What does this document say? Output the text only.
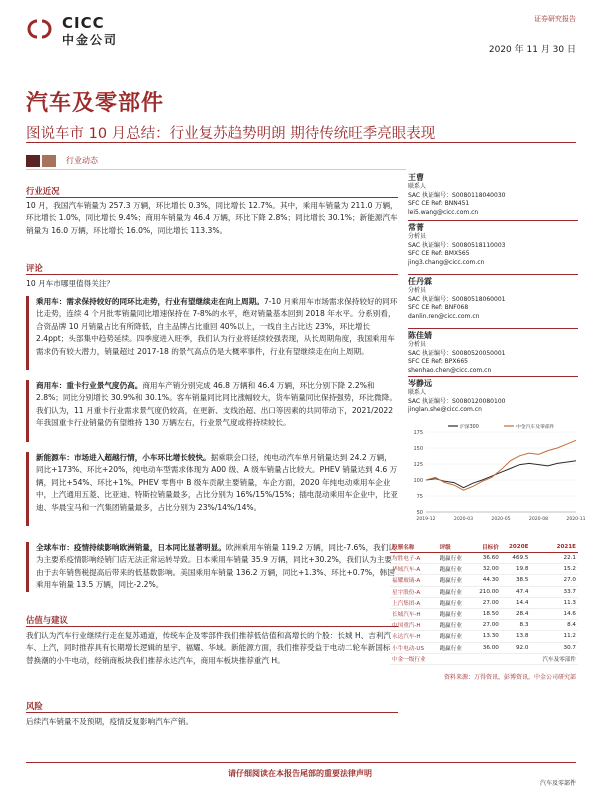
CICC
中金公司
证券研究报告
2020 年 11 月 30 日
汽车及零部件
图说车市 10 月总结：行业复苏趋势明朗 期待传统旺季亮眼表现
行业动态
行业近况
10 月，我国汽车销量为 257.3 万辆，环比增长 0.3%，同比增长 12.7%。其中，乘用车销量为 211.0 万辆，环比增长 1.0%，同比增长 9.4%；商用车销量为 46.4 万辆，环比下降 2.8%；同比增长 30.1%；新能源汽车销量为 16.0 万辆，环比增长 16.0%，同比增长 113.3%。
评论
10 月车市哪里值得关注？
乘用车：需求保持较好的同环比走势，行业有望继续走在向上周期。7-10 月乘用车市场需求保持较好的同环比走势，连续 4 个月批零销量同比增速保持在 7-8%的水平，绝对销量基本回到 2018 年水平。分系别看，合资品牌 10 月销量占比有所降低，自主品牌占比重回 40%以上，一线自主占比达 23%，环比增长 2.4ppt；头部集中趋势延续。四季度进入旺季，我们认为行业将延续较强表现，从长周期角度，我国乘用车需求仍有较大潜力，销量超过 2017-18 的景气高点仍是大概率事件，行业有望继续走在向上周期。
商用车：重卡行业景气度仍高。商用车产销分别完成 46.8 万辆和 46.4 万辆，环比分别下降 2.2%和 2.8%；同比分别增长 30.9%和 30.1%。客车销量同比同比涨幅较大，货车销量同比保持强势，环比微降。我们认为，11 月重卡行业需求景气度仍较高，在更新、支线治超、出口等因素的共同带动下，2021/2022 年我国重卡行业销量仍有望维持 130 万辆左右，行业景气度或将持续较长。
新能源车：市场进入超越行情，小车环比增长较快。据乘联会口径，纯电动汽车单月销量达到 24.2 万辆，同比+173%、环比+20%，纯电动车型需求体现为 A00 级、A 级车销量占比较大。PHEV 销量达到 4.6 万辆，同比+54%、环比+1%。PHEV 零售中 B 级车贡献主要销量，车企方面，2020 年纯电动乘用车企业中，上汽通用五菱、比亚迪、特斯拉销量最多，占比分别为 16%/15%/15%；插电混动乘用车企业中，比亚迪、华晨宝马和一汽集团销量最多，占比分别为 23%/14%/14%。
全球车市：疫情持续影响欧洲销量，日本同比显著明显。欧洲乘用车销量 119.2 万辆，同比-7.6%，我们认为主要系疫情影响经销门店无法正常运转导致。日本乘用车销量 35.9 万辆，同比+30.2%，我们认为主要由于去年销售税提高后带来的低基数影响。美国乘用车销量 136.2 万辆，同比+1.3%、环比+0.7%，韩国乘用车销量 13.5 万辆，同比-2.2%。
估值与建议
我们认为汽车行业继续行走在复苏通道，传统车企及零部件我们推荐低估值和高增长的个股：长城 H、吉利汽车、上汽，同时推荐具有长期增长逻辑的星宇、福耀、华域。新能源方面，我们推荐受益于电动二轮车新国标替换潮的小牛电动，经销商板块我们推荐永达汽车，商用车板块推荐重汽 H。
风险
后续汽车销量不及预期，疫情反复影响汽车产销。
王曹
联系人
SAC 执证编号：S0080118040030
SFC CE Ref: BNN451
lei5.wang@cicc.com.cn
常菁
分析员
SAC 执证编号：S0080518110003
SFC CE Ref: BMX565
jing3.chang@cicc.com.cn
任丹霖
分析员
SAC 执证编号：S0080518060001
SFC CE Ref: BNF068
danlin.ren@cicc.com.cn
陈佳婧
分析员
SAC 执证编号：S0080520050001
SFC CE Ref: BPX665
shenhao.chen@cicc.com.cn
岑静远
联系人
SAC 执证编号：S0080120080100
jinglan.she@cicc.com.cn
175
150
125
100
75
50
2019-12	2020-03	2020-05	2020-08	2020-11
沪深300	中金汽车及零部件
股票名称	评级	目标价	2020E	2021E
均胜电子-A	跑赢行业	36.60	469.5	22.1
华域汽车-A	跑赢行业	32.00	19.8	15.2
福耀玻璃-A	跑赢行业	44.30	38.5	27.0
星宇股份-A	跑赢行业	210.00	47.4	33.7
上汽集团-A	跑赢行业	27.00	14.4	11.3
长城汽车-H	跑赢行业	18.50	28.4	14.6
中国重汽-H	跑赢行业	27.00	8.3	8.4
永达汽车-H	跑赢行业	13.30	13.8	11.2
小牛电动-US	跑赢行业	36.00	92.0	30.7
中金一级行业				汽车及零部件
资料来源：万得资讯，彭博资讯，中金公司研究部
请仔细阅读在本报告尾部的重要法律声明
汽车及零部件
